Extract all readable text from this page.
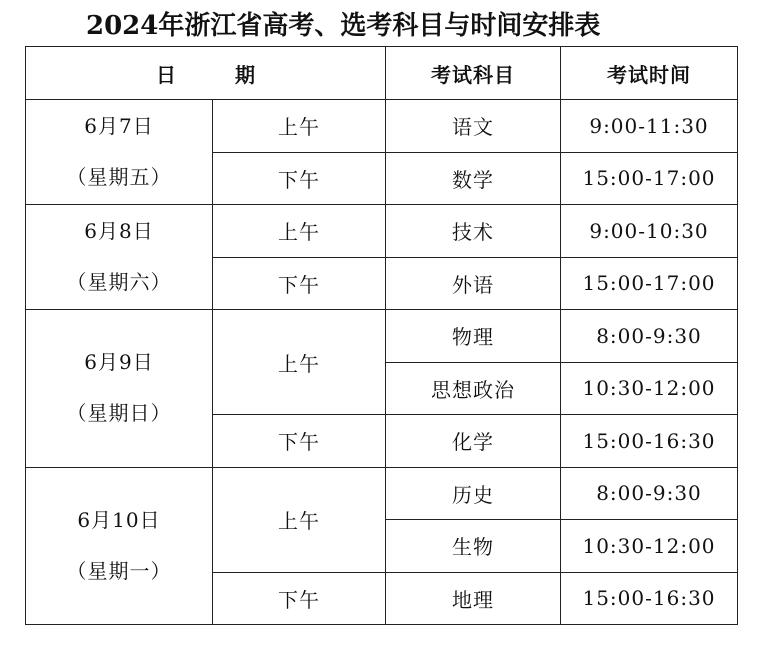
2024年浙江省高考、选考科目与时间安排表
日 期		考试科目	考试时间

6月7日
（星期五）	上午	语文	9:00-11:30
	下午	数学	15:00-17:00

6月8日
（星期六）	上午	技术	9:00-10:30
	下午	外语	15:00-17:00

6月9日
（星期日）	上午	物理	8:00-9:30
		思想政治	10:30-12:00
	下午	化学	15:00-16:30

6月10日
（星期一）	上午	历史	8:00-9:30
		生物	10:30-12:00
	下午	地理	15:00-16:30
